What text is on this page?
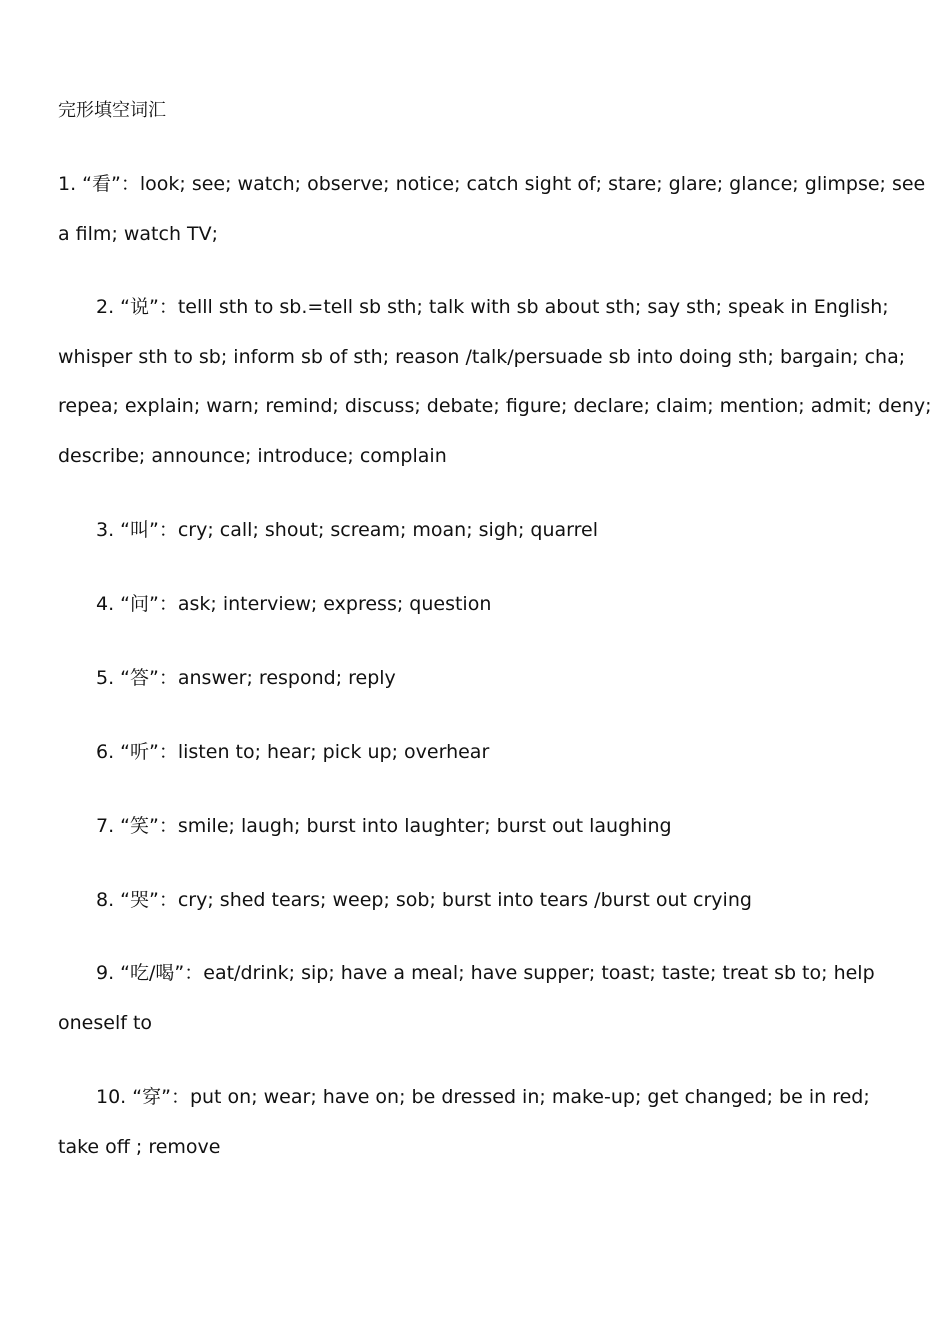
完形填空词汇
1. “看”：look; see; watch; observe; notice; catch sight of; stare; glare; glance; glimpse; see
a film; watch TV;
2. “说”：telll sth to sb.=tell sb sth; talk with sb about sth; say sth; speak in English;
whisper sth to sb; inform sb of sth; reason /talk/persuade sb into doing sth; bargain; cha;
repea; explain; warn; remind; discuss; debate; figure; declare; claim; mention; admit; deny;
describe; announce; introduce; complain
3. “叫”：cry; call; shout; scream; moan; sigh; quarrel
4. “问”：ask; interview; express; question
5. “答”：answer; respond; reply
6. “听”：listen to; hear; pick up; overhear
7. “笑”：smile; laugh; burst into laughter; burst out laughing
8. “哭”：cry; shed tears; weep; sob; burst into tears /burst out crying
9. “吃/喝”：eat/drink; sip; have a meal; have supper; toast; taste; treat sb to; help
oneself to
10. “穿”：put on; wear; have on; be dressed in; make-up; get changed; be in red;
take off ; remove
